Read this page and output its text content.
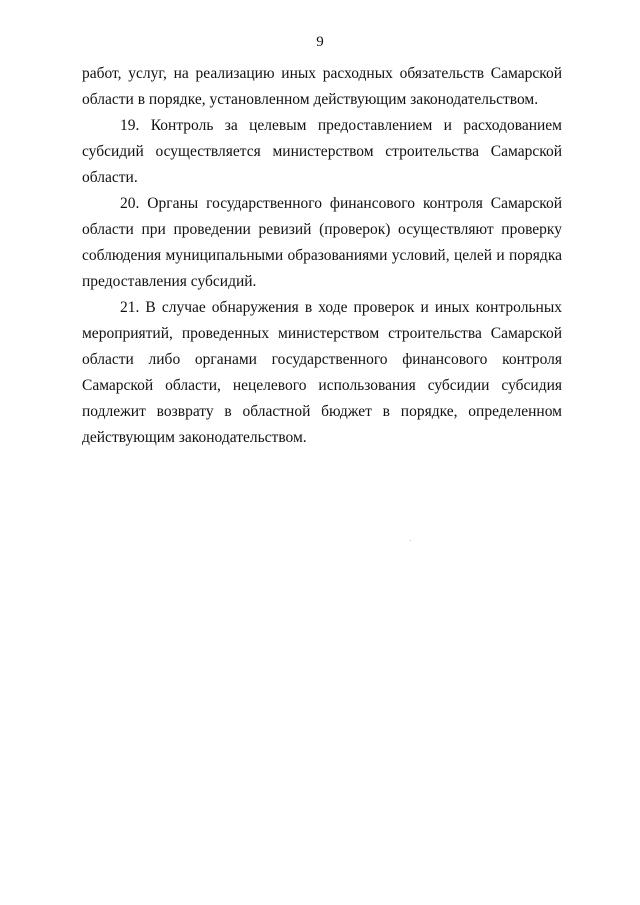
9
работ, услуг, на реализацию иных расходных обязательств Самарской
области в порядке, установленном действующим законодательством.
19. Контроль за целевым предоставлением и расходованием
субсидий осуществляется министерством строительства Самарской
области.
20. Органы государственного финансового контроля Самарской
области при проведении ревизий (проверок) осуществляют проверку
соблюдения муниципальными образованиями условий, целей и порядка
предоставления субсидий.
21. В случае обнаружения в ходе проверок и иных контрольных
мероприятий, проведенных министерством строительства Самарской
области либо органами государственного финансового контроля
Самарской области, нецелевого использования субсидии субсидия
подлежит возврату в областной бюджет в порядке, определенном
действующим законодательством.
